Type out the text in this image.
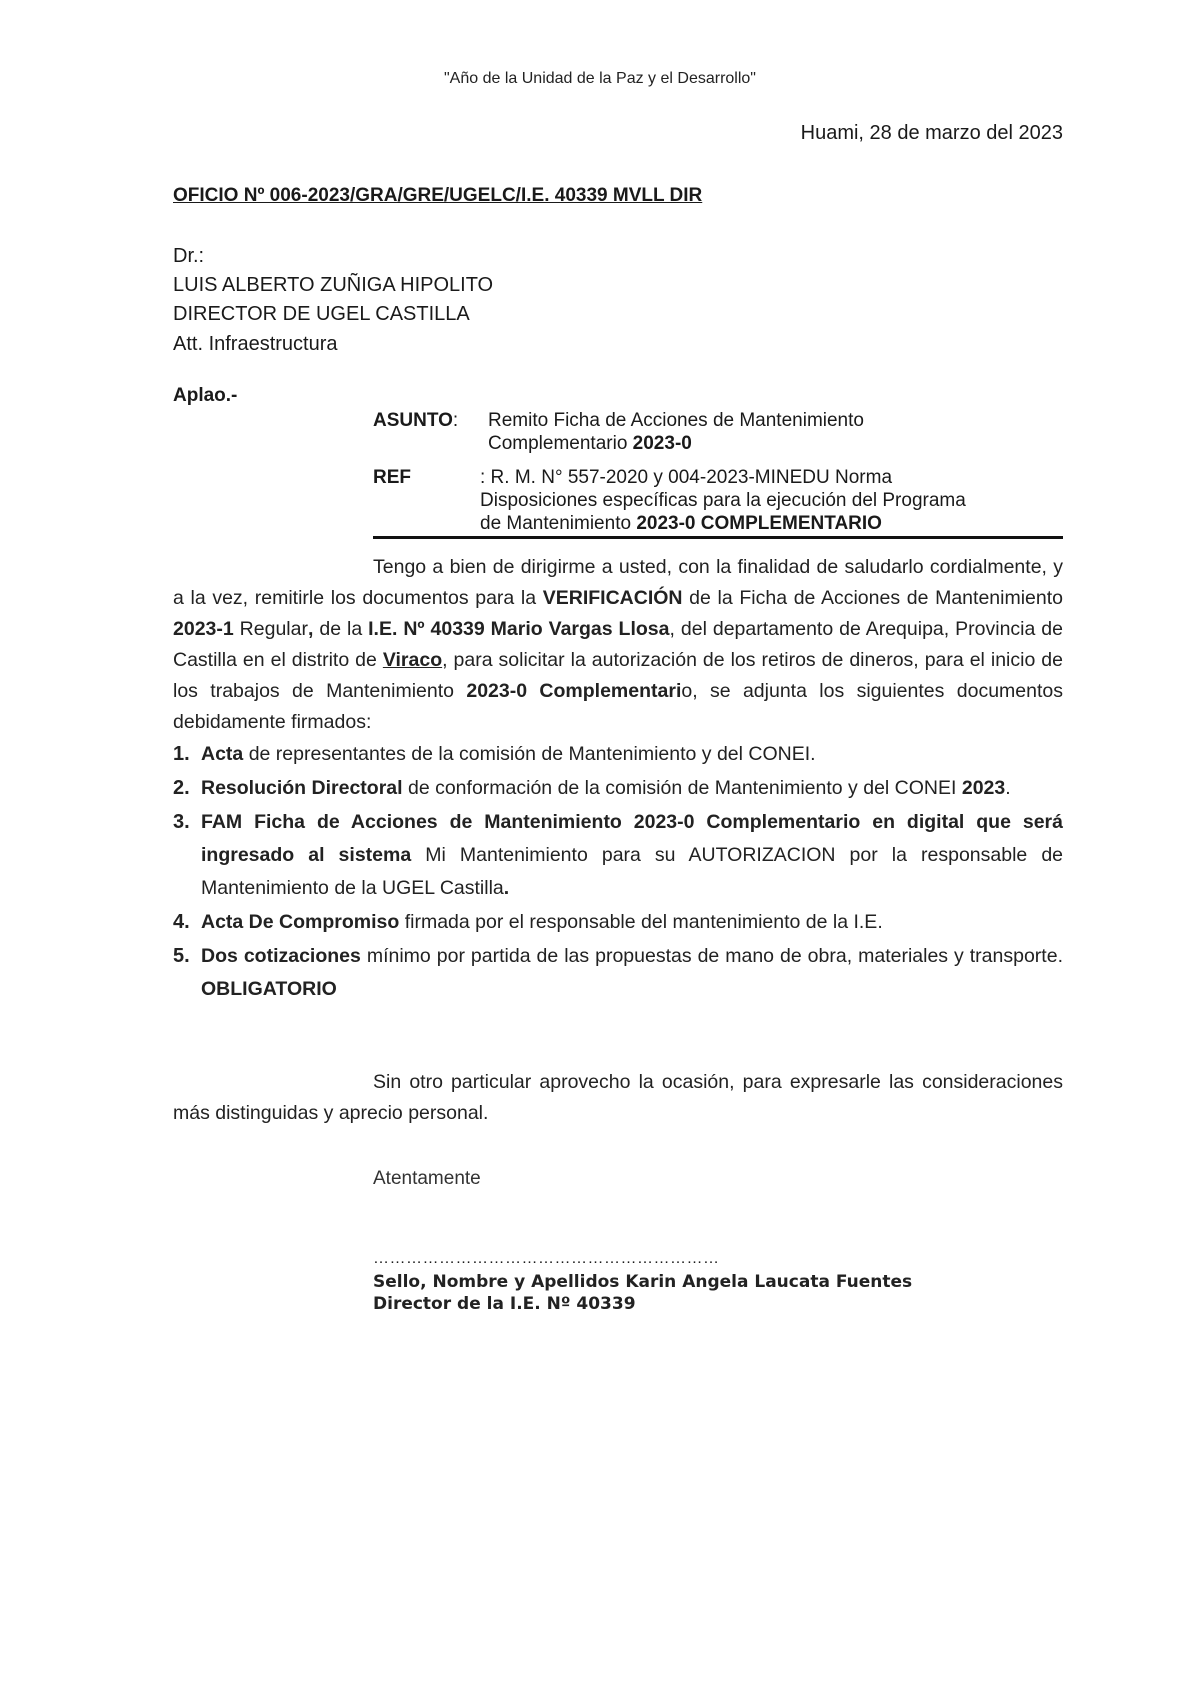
"Año de la Unidad de la Paz y el Desarrollo"
Huami, 28 de marzo del 2023
OFICIO Nº 006-2023/GRA/GRE/UGELC/I.E. 40339 MVLL DIR
Dr.:
LUIS ALBERTO ZUÑIGA HIPOLITO
DIRECTOR DE UGEL CASTILLA
Att. Infraestructura
Aplao.-
ASUNTO: Remito Ficha de Acciones de Mantenimiento
Complementario 2023-0
REF	: R. M. N° 557-2020 y 004-2023-MINEDU Norma
Disposiciones específicas para la ejecución del Programa
de Mantenimiento 2023-0 COMPLEMENTARIO
Tengo a bien de dirigirme a usted, con la finalidad de saludarlo cordialmente, y a la vez, remitirle los documentos para la VERIFICACIÓN de la Ficha de Acciones de Mantenimiento 2023-1 Regular, de la I.E. Nº 40339 Mario Vargas Llosa, del departamento de Arequipa, Provincia de Castilla en el distrito de Viraco, para solicitar la autorización de los retiros de dineros, para el inicio de los trabajos de Mantenimiento 2023-0 Complementario, se adjunta los siguientes documentos debidamente firmados:
1. Acta de representantes de la comisión de Mantenimiento y del CONEI.
2. Resolución Directoral de conformación de la comisión de Mantenimiento y del CONEI 2023.
3. FAM Ficha de Acciones de Mantenimiento 2023-0 Complementario en digital que será ingresado al sistema Mi Mantenimiento para su AUTORIZACION por la responsable de Mantenimiento de la UGEL Castilla.
4. Acta De Compromiso firmada por el responsable del mantenimiento de la I.E.
5. Dos cotizaciones mínimo por partida de las propuestas de mano de obra, materiales y transporte. OBLIGATORIO
Sin otro particular aprovecho la ocasión, para expresarle las consideraciones más distinguidas y aprecio personal.
Atentamente
………………………………………………………
Sello, Nombre y Apellidos Karin Angela Laucata Fuentes
Director de la I.E. Nº 40339
